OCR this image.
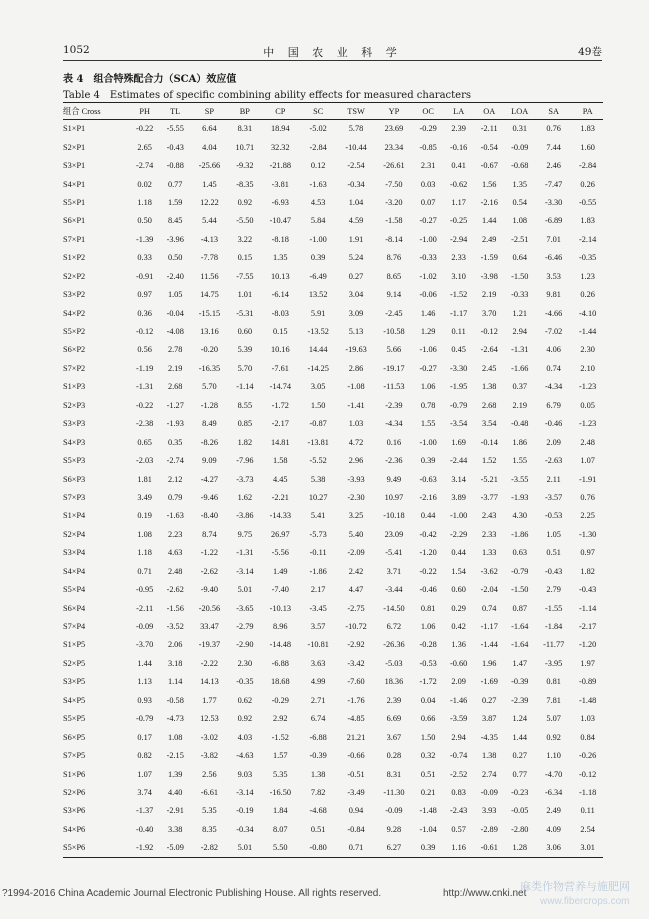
1052	中 国 农 业 科 学	49卷
表 4　组合特殊配合力（SCA）效应值
Table 4　Estimates of specific combining ability effects for measured characters
组合 Cross	PH	TL	SP	BP	CP	SC	TSW	YP	OC	LA	OA	LOA	SA	PA
S1×P1	-0.22	-5.55	6.64	8.31	18.94	-5.02	5.78	23.69	-0.29	2.39	-2.11	0.31	0.76	1.83
S2×P1	2.65	-0.43	4.04	10.71	32.32	-2.84	-10.44	23.34	-0.85	-0.16	-0.54	-0.09	7.44	1.60
S3×P1	-2.74	-0.88	-25.66	-9.32	-21.88	0.12	-2.54	-26.61	2.31	0.41	-0.67	-0.68	2.46	-2.84
S4×P1	0.02	0.77	1.45	-8.35	-3.81	-1.63	-0.34	-7.50	0.03	-0.62	1.56	1.35	-7.47	0.26
S5×P1	1.18	1.59	12.22	0.92	-6.93	4.53	1.04	-3.20	0.07	1.17	-2.16	0.54	-3.30	-0.55
S6×P1	0.50	8.45	5.44	-5.50	-10.47	5.84	4.59	-1.58	-0.27	-0.25	1.44	1.08	-6.89	1.83
S7×P1	-1.39	-3.96	-4.13	3.22	-8.18	-1.00	1.91	-8.14	-1.00	-2.94	2.49	-2.51	7.01	-2.14
S1×P2	0.33	0.50	-7.78	0.15	1.35	0.39	5.24	8.76	-0.33	2.33	-1.59	0.64	-6.46	-0.35
S2×P2	-0.91	-2.40	11.56	-7.55	10.13	-6.49	0.27	8.65	-1.02	3.10	-3.98	-1.50	3.53	1.23
S3×P2	0.97	1.05	14.75	1.01	-6.14	13.52	3.04	9.14	-0.06	-1.52	2.19	-0.33	9.81	0.26
S4×P2	0.36	-0.04	-15.15	-5.31	-8.03	5.91	3.09	-2.45	1.46	-1.17	3.70	1.21	-4.66	-4.10
S5×P2	-0.12	-4.08	13.16	0.60	0.15	-13.52	5.13	-10.58	1.29	0.11	-0.12	2.94	-7.02	-1.44
S6×P2	0.56	2.78	-0.20	5.39	10.16	14.44	-19.63	5.66	-1.06	0.45	-2.64	-1.31	4.06	2.30
S7×P2	-1.19	2.19	-16.35	5.70	-7.61	-14.25	2.86	-19.17	-0.27	-3.30	2.45	-1.66	0.74	2.10
S1×P3	-1.31	2.68	5.70	-1.14	-14.74	3.05	-1.08	-11.53	1.06	-1.95	1.38	0.37	-4.34	-1.23
S2×P3	-0.22	-1.27	-1.28	8.55	-1.72	1.50	-1.41	-2.39	0.78	-0.79	2.68	2.19	6.79	0.05
S3×P3	-2.38	-1.93	8.49	0.85	-2.17	-0.87	1.03	-4.34	1.55	-3.54	3.54	-0.48	-0.46	-1.23
S4×P3	0.65	0.35	-8.26	1.82	14.81	-13.81	4.72	0.16	-1.00	1.69	-0.14	1.86	2.09	2.48
S5×P3	-2.03	-2.74	9.09	-7.96	1.58	-5.52	2.96	-2.36	0.39	-2.44	1.52	1.55	-2.63	1.07
S6×P3	1.81	2.12	-4.27	-3.73	4.45	5.38	-3.93	9.49	-0.63	3.14	-5.21	-3.55	2.11	-1.91
S7×P3	3.49	0.79	-9.46	1.62	-2.21	10.27	-2.30	10.97	-2.16	3.89	-3.77	-1.93	-3.57	0.76
S1×P4	0.19	-1.63	-8.40	-3.86	-14.33	5.41	3.25	-10.18	0.44	-1.00	2.43	4.30	-0.53	2.25
S2×P4	1.08	2.23	8.74	9.75	26.97	-5.73	5.40	23.09	-0.42	-2.29	2.33	-1.86	1.05	-1.30
S3×P4	1.18	4.63	-1.22	-1.31	-5.56	-0.11	-2.09	-5.41	-1.20	0.44	1.33	0.63	0.51	0.97
S4×P4	0.71	2.48	-2.62	-3.14	1.49	-1.86	2.42	3.71	-0.22	1.54	-3.62	-0.79	-0.43	1.82
S5×P4	-0.95	-2.62	-9.40	5.01	-7.40	2.17	4.47	-3.44	-0.46	0.60	-2.04	-1.50	2.79	-0.43
S6×P4	-2.11	-1.56	-20.56	-3.65	-10.13	-3.45	-2.75	-14.50	0.81	0.29	0.74	0.87	-1.55	-1.14
S7×P4	-0.09	-3.52	33.47	-2.79	8.96	3.57	-10.72	6.72	1.06	0.42	-1.17	-1.64	-1.84	-2.17
S1×P5	-3.70	2.06	-19.37	-2.90	-14.48	-10.81	-2.92	-26.36	-0.28	1.36	-1.44	-1.64	-11.77	-1.20
S2×P5	1.44	3.18	-2.22	2.30	-6.88	3.63	-3.42	-5.03	-0.53	-0.60	1.96	1.47	-3.95	1.97
S3×P5	1.13	1.14	14.13	-0.35	18.68	4.99	-7.60	18.36	-1.72	2.09	-1.69	-0.39	0.81	-0.89
S4×P5	0.93	-0.58	1.77	0.62	-0.29	2.71	-1.76	2.39	0.04	-1.46	0.27	-2.39	7.81	-1.48
S5×P5	-0.79	-4.73	12.53	0.92	2.92	6.74	-4.85	6.69	0.66	-3.59	3.87	1.24	5.07	1.03
S6×P5	0.17	1.08	-3.02	4.03	-1.52	-6.88	21.21	3.67	1.50	2.94	-4.35	1.44	0.92	0.84
S7×P5	0.82	-2.15	-3.82	-4.63	1.57	-0.39	-0.66	0.28	0.32	-0.74	1.38	0.27	1.10	-0.26
S1×P6	1.07	1.39	2.56	9.03	5.35	1.38	-0.51	8.31	0.51	-2.52	2.74	0.77	-4.70	-0.12
S2×P6	3.74	4.40	-6.61	-3.14	-16.50	7.82	-3.49	-11.30	0.21	0.83	-0.09	-0.23	-6.34	-1.18
S3×P6	-1.37	-2.91	5.35	-0.19	1.84	-4.68	0.94	-0.09	-1.48	-2.43	3.93	-0.05	2.49	0.11
S4×P6	-0.40	3.38	8.35	-0.34	8.07	0.51	-0.84	9.28	-1.04	0.57	-2.89	-2.80	4.09	2.54
S5×P6	-1.92	-5.09	-2.82	5.01	5.50	-0.80	0.71	6.27	0.39	1.16	-0.61	1.28	3.06	3.01
?1994-2016 China Academic Journal Electronic Publishing House. All rights reserved.	http://www.cnki.net
麻类作物营养与施肥网
www.fibercrops.com
